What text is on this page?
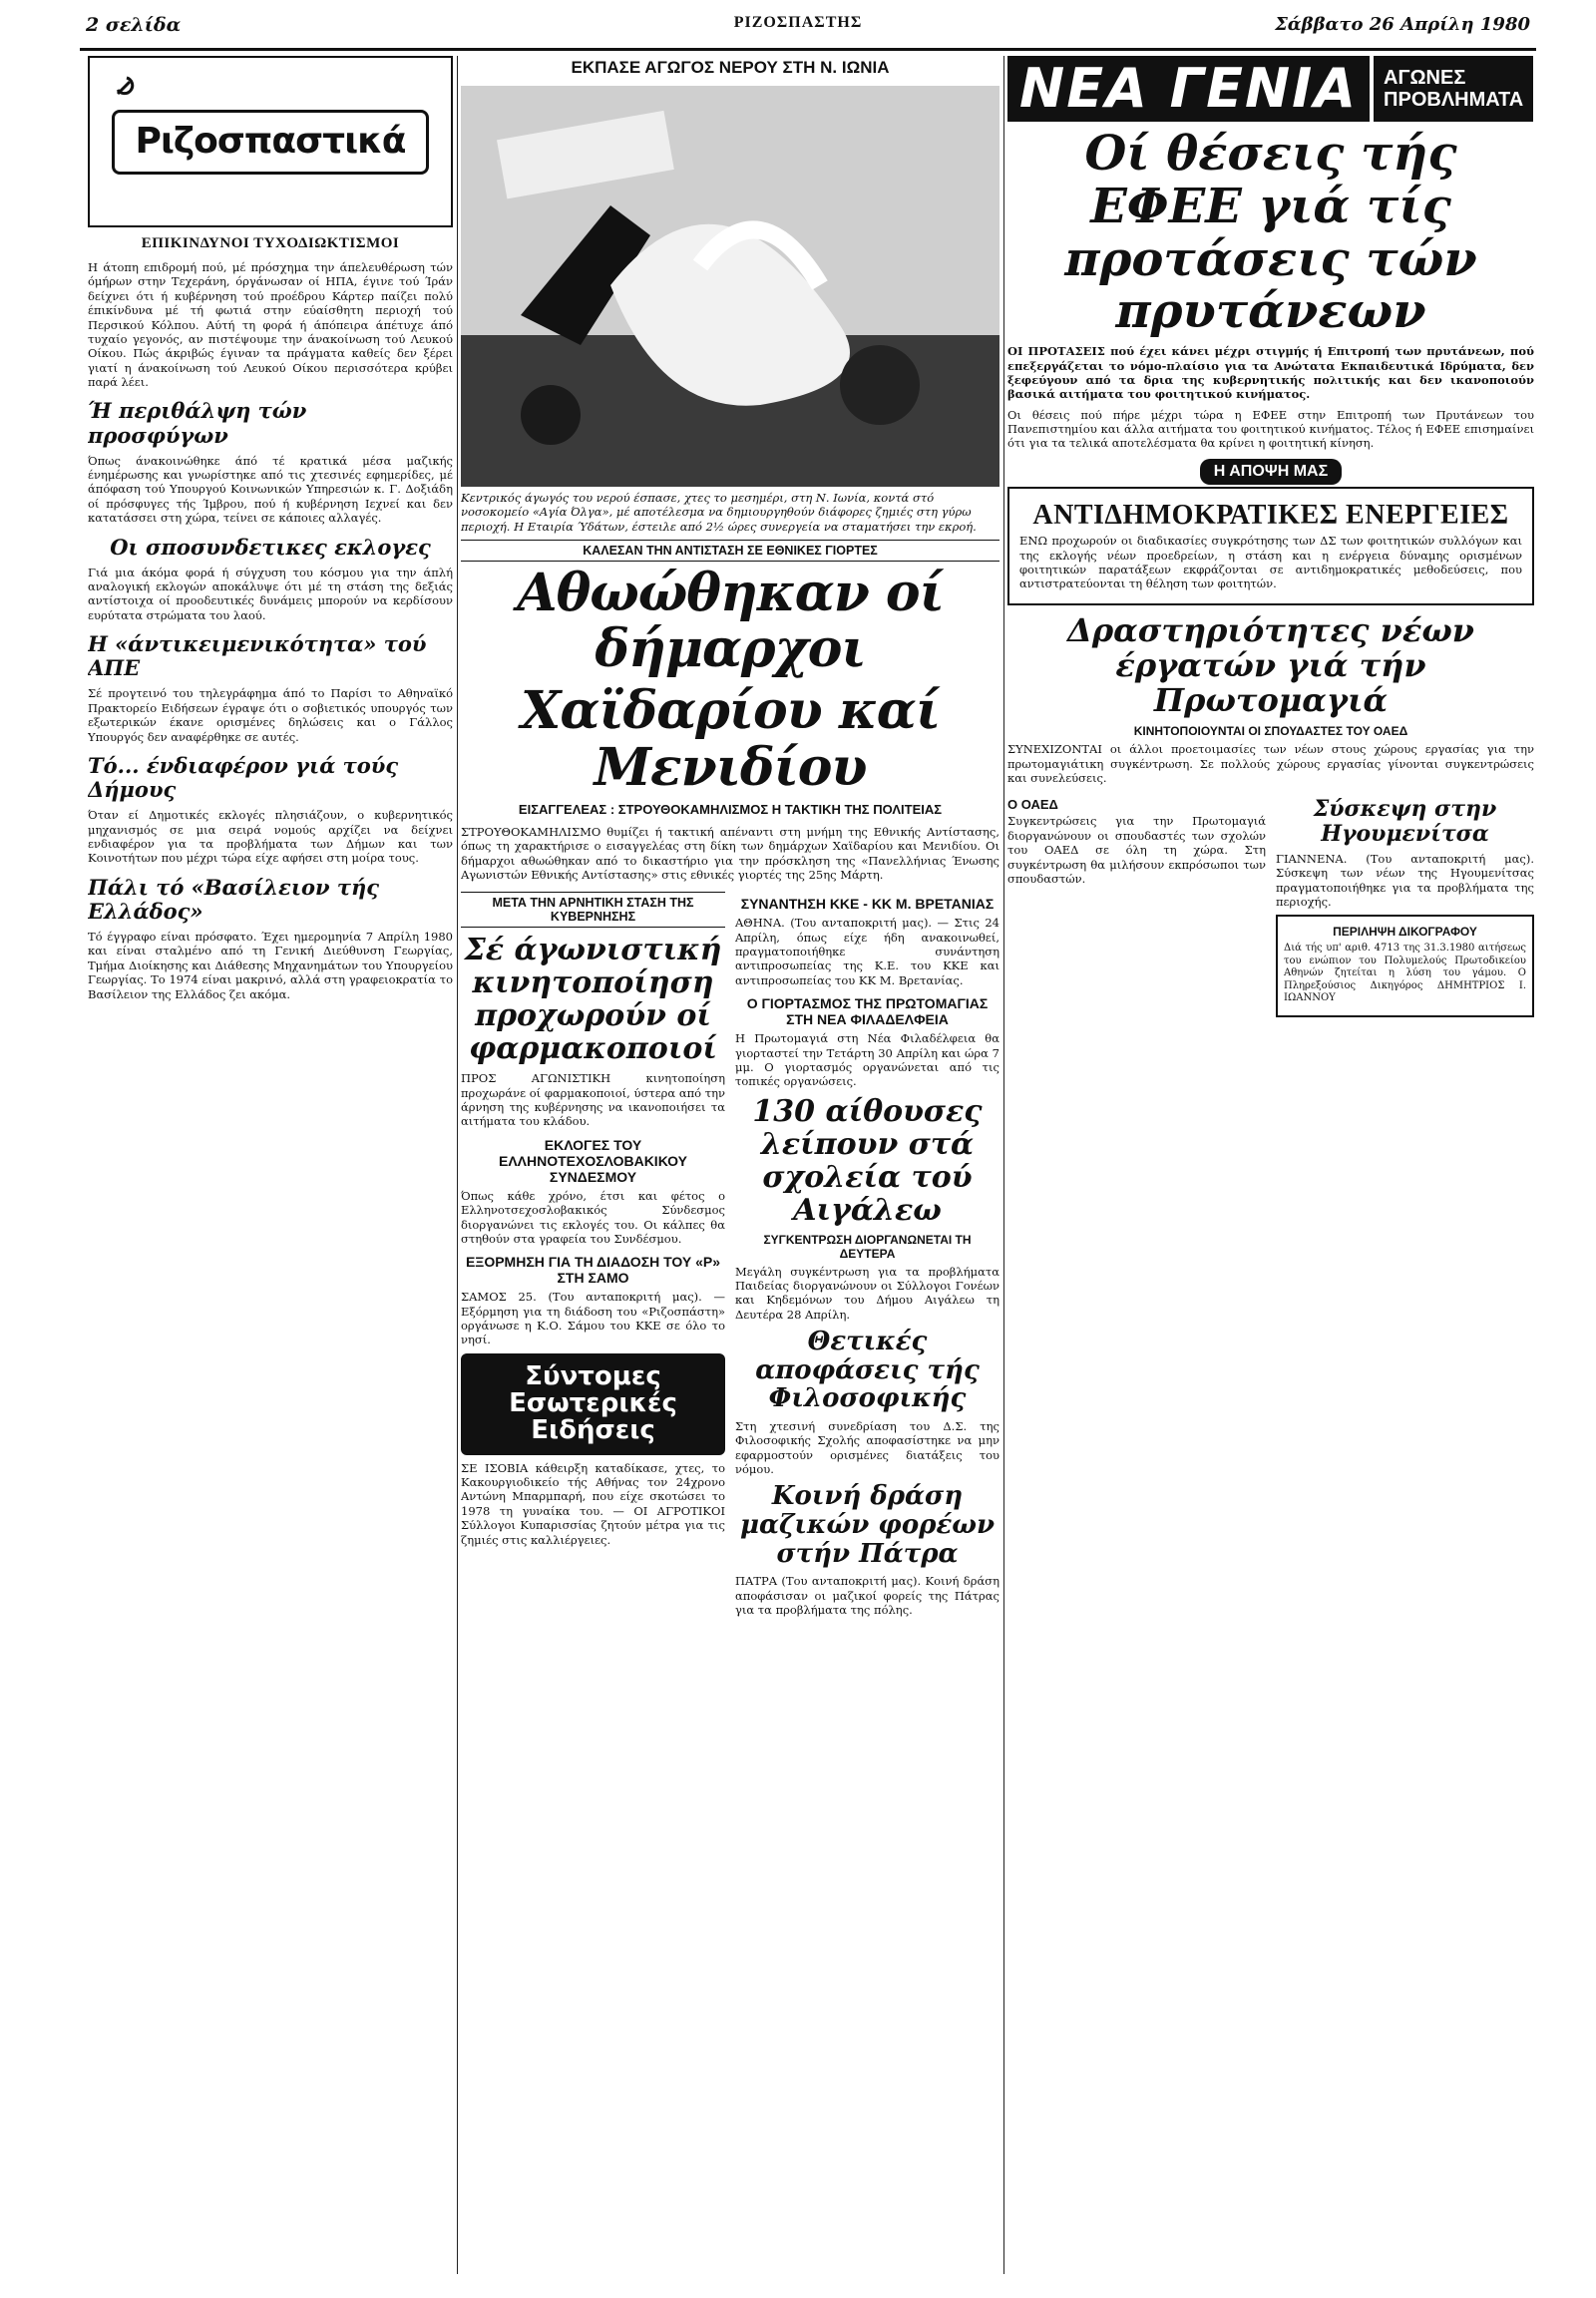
2 σελίδα	ΡΙΖΟΣΠΑΣΤΗΣ	Σάββατο 26 Απρίλη 1980
Ριζοσπαστικά
ΕΠΙΚΙΝΔΥΝΟΙ ΤΥΧΟΔΙΩΚΤΙΣΜΟΙ

Η άτοπη επιδρομή πού, μέ πρόσχημα την άπελευθέρωση τών όμήρων στην Τεχεράνη, όργάνωσαν οί ΗΠΑ, έγινε τού Ίράν δείχνει ότι ή κυβέρνηση τού προέδρου Κάρτερ παίζει πολύ έπικίνδυνα μέ τή φωτιά στην εύαίσθητη περιοχή τού Περσικού Κόλπου. Αύτή τη φορά ή άπόπειρα άπέτυχε άπό τυχαίο γεγονός, αν πιστέψουμε την άνακοίνωση τού Λευκού Οίκου. Πώς άκριβώς έγιναν τα πράγματα καθείς δεν ξέρει γιατί η άνακοίνωση τού Λευκού Οίκου περισσότερα κρύβει παρά λέει.

Ή περιθάλψη τών προσφύγων

Όπως άνακοινώθηκε άπό τέ κρατικά μέσα μαζικής ένημέρωσης και γνωρίστηκε από τις χτεσινές εφημερίδες, μέ άπόφαση τού Υπουργού Κοινωνικών Υπηρεσιών κ. Γ. Δοξιάδη οί πρόσφυγες τής Ίμβρου, πού ή κυβέρνηση Ιεχνεί και δεν κατατάσσει στη χώρα, τείνει σε κάποιες αλλαγές.

Οι σποσυνδετικες εκλογες

Γιά μια άκόμα φορά ή σύγχυση του κόσμου για την άπλή αναλογική εκλογών αποκάλυψε ότι μέ τη στάση της δεξιάς αντίστοιχα οί προοδευτικές δυνάμεις μπορούν να κερδίσουν ευρύτατα στρώματα του λαού.

Η «άντικειμενικότητα» τού ΑΠΕ

Σέ προγτεινό του τηλεγράφημα άπό το Παρίσι το Αθηναϊκό Πρακτορείο Ειδήσεων έγραψε ότι ο σοβιετικός υπουργός των εξωτερικών έκανε ορισμένες δηλώσεις και ο Γάλλος Υπουργός δεν αναφέρθηκε σε αυτές.

Τό... ένδιαφέρον γιά τούς Δήμους

Όταν εί Δημοτικές εκλογές πλησιάζουν, ο κυβερνητικός μηχανισμός σε μια σειρά νομούς αρχίζει να δείχνει ενδιαφέρον για τα προβλήματα των Δήμων και των Κοινοτήτων που μέχρι τώρα είχε αφήσει στη μοίρα τους.

Πάλι τό «Βασίλειον τής Ελλάδος»

Τό έγγραφο είναι πρόσφατο. Έχει ημερομηνία 7 Απρίλη 1980 και είναι σταλμένο από τη Γενική Διεύθυνση Γεωργίας, Τμήμα Διοίκησης και Διάθεσης Μηχανημάτων του Υπουργείου Γεωργίας. Το 1974 είναι μακρινό, αλλά στη γραφειοκρατία το Βασίλειον της Ελλάδος ζει ακόμα.

ΕΚΠΑΣΕ ΑΓΩΓΟΣ ΝΕΡΟΥ ΣΤΗ Ν. ΙΩΝΙΑ
Κεντρικός άγωγός του νερού έσπασε, χτες το μεσημέρι, στη Ν. Ιωνία, κοντά στό νοσοκομείο «Αγία Όλγα», μέ αποτέλεσμα να δημιουργηθούν διάφορες ζημιές στη γύρω περιοχή. Η Εταιρία Ύδάτων, έστειλε από 2½ ώρες συνεργεία να σταματήσει την εκροή.
ΚΑΛΕΣΑΝ ΤΗΝ ΑΝΤΙΣΤΑΣΗ ΣΕ ΕΘΝΙΚΕΣ ΓΙΟΡΤΕΣ
Αθωώθηκαν οί δήμαρχοι
Χαϊδαρίου καί Μενιδίου
ΕΙΣΑΓΓΕΛΕΑΣ : ΣΤΡΟΥΘΟΚΑΜΗΛΙΣΜΟΣ Η ΤΑΚΤΙΚΗ ΤΗΣ ΠΟΛΙΤΕΙΑΣ

ΣΤΡΟΥΘΟΚΑΜΗΛΙΣΜΟ θυμίζει ή τακτική απέναντι στη μνήμη της Εθνικής Αντίστασης, όπως τη χαρακτήρισε ο εισαγγελέας στη δίκη των δημάρχων Χαϊδαρίου και Μενιδίου. Οι δήμαρχοι αθωώθηκαν από το δικαστήριο για την πρόσκληση της «Πανελλήνιας Ένωσης Αγωνιστών Εθνικής Αντίστασης» στις εθνικές γιορτές της 25ης Μάρτη.

ΜΕΤΑ ΤΗΝ ΑΡΝΗΤΙΚΗ ΣΤΑΣΗ ΤΗΣ ΚΥΒΕΡΝΗΣΗΣ
Σέ άγωνιστική κινητοποίηση προχωρούν οί φαρμακοποιοί

ΠΡΟΣ ΑΓΩΝΙΣΤΙΚΗ κινητοποίηση προχωράνε οί φαρμακοποιοί, ύστερα από την άρνηση της κυβέρνησης να ικανοποιήσει τα αιτήματα του κλάδου.

ΕΚΛΟΓΕΣ ΤΟΥ ΕΛΛΗΝΟΤΕΧΟΣΛΟΒΑΚΙΚΟΥ ΣΥΝΔΕΣΜΟΥ

Όπως κάθε χρόνο, έτσι και φέτος ο Ελληνοτσεχοσλοβακικός Σύνδεσμος διοργανώνει τις εκλογές του. Οι κάλπες θα στηθούν στα γραφεία του Συνδέσμου.

ΕΞΟΡΜΗΣΗ ΓΙΑ ΤΗ ΔΙΑΔΟΣΗ ΤΟΥ «Ρ» ΣΤΗ ΣΑΜΟ

ΣΑΜΟΣ 25. (Του ανταποκριτή μας). — Εξόρμηση για τη διάδοση του «Ριζοσπάστη» οργάνωσε η Κ.Ο. Σάμου του ΚΚΕ σε όλο το νησί.

Σύντομες Εσωτερικές Ειδήσεις

ΣΕ ΙΣΟΒΙΑ κάθειρξη καταδίκασε, χτες, το Κακουργιοδικείο τής Αθήνας τον 24χρονο Αντώνη Μπαρμπαρή, που είχε σκοτώσει το 1978 τη γυναίκα του. — ΟΙ ΑΓΡΟΤΙΚΟΙ Σύλλογοι Κυπαρισσίας ζητούν μέτρα για τις ζημιές στις καλλιέργειες.

ΣΥΝΑΝΤΗΣΗ ΚΚΕ - ΚΚ Μ. ΒΡΕΤΑΝΙΑΣ

ΑΘΗΝΑ. (Του ανταποκριτή μας). — Στις 24 Απρίλη, όπως είχε ήδη ανακοινωθεί, πραγματοποιήθηκε συνάντηση αντιπροσωπείας της Κ.Ε. του ΚΚΕ και αντιπροσωπείας του ΚΚ Μ. Βρετανίας.

Ο ΓΙΟΡΤΑΣΜΟΣ ΤΗΣ ΠΡΩΤΟΜΑΓΙΑΣ ΣΤΗ ΝΕΑ ΦΙΛΑΔΕΛΦΕΙΑ

Η Πρωτομαγιά στη Νέα Φιλαδέλφεια θα γιορταστεί την Τετάρτη 30 Απρίλη και ώρα 7 μμ. Ο γιορτασμός οργανώνεται από τις τοπικές οργανώσεις.

130 αίθουσες λείπουν στά σχολεία τού Αιγάλεω
ΣΥΓΚΕΝΤΡΩΣΗ ΔΙΟΡΓΑΝΩΝΕΤΑΙ ΤΗ ΔΕΥΤΕΡΑ

Μεγάλη συγκέντρωση για τα προβλήματα Παιδείας διοργανώνουν οι Σύλλογοι Γονέων και Κηδεμόνων του Δήμου Αιγάλεω τη Δευτέρα 28 Απρίλη.

Θετικές αποφάσεις τής Φιλοσοφικής

Στη χτεσινή συνεδρίαση του Δ.Σ. της Φιλοσοφικής Σχολής αποφασίστηκε να μην εφαρμοστούν ορισμένες διατάξεις του νόμου.

Κοινή δράση μαζικών φορέων στήν Πάτρα

ΠΑΤΡΑ (Του ανταποκριτή μας). Κοινή δράση αποφάσισαν οι μαζικοί φορείς της Πάτρας για τα προβλήματα της πόλης.

ΝΕΑ ΓΕΝΙΑ	ΑΓΩΝΕΣ
ΠΡΟΒΛΗΜΑΤΑ
Οί θέσεις τής ΕΦΕΕ γιά τίς προτάσεις τών πρυτάνεων

ΟΙ ΠΡΟΤΑΣΕΙΣ πού έχει κάνει μέχρι στιγμής ή Επιτροπή των πρυτάνεων, πού επεξεργάζεται το νόμο-πλαίσιο για τα Ανώτατα Εκπαιδευτικά Ιδρύματα, δεν ξεφεύγουν από τα δρια της κυβερνητικής πολιτικής και δεν ικανοποιούν βασικά αιτήματα του φοιτητικού κινήματος.

Οι θέσεις πού πήρε μέχρι τώρα η ΕΦΕΕ στην Επιτροπή των Πρυτάνεων του Πανεπιστημίου και άλλα αιτήματα του φοιτητικού κινήματος. Τέλος ή ΕΦΕΕ επισημαίνει ότι για τα τελικά αποτελέσματα θα κρίνει η φοιτητική κίνηση.

Η ΑΠΟΨΗ ΜΑΣ
ΑΝΤΙΔΗΜΟΚΡΑΤΙΚΕΣ ΕΝΕΡΓΕΙΕΣ

ΕΝΩ προχωρούν οι διαδικασίες συγκρότησης των ΔΣ των φοιτητικών συλλόγων και της εκλογής νέων προεδρείων, η στάση και η ενέργεια δύναμης ορισμένων φοιτητικών παρατάξεων εκφράζονται σε αντιδημοκρατικές μεθοδεύσεις, που αντιστρατεύονται τη θέληση των φοιτητών.

Δραστηριότητες νέων έργατών γιά τήν Πρωτομαγιά
ΚΙΝΗΤΟΠΟΙΟΥΝΤΑΙ ΟΙ ΣΠΟΥΔΑΣΤΕΣ ΤΟΥ ΟΑΕΔ

ΣΥΝΕΧΙΖΟΝΤΑΙ οι άλλοι προετοιμασίες των νέων στους χώρους εργασίας για την πρωτομαγιάτικη συγκέντρωση. Σε πολλούς χώρους εργασίας γίνονται συγκεντρώσεις και συνελεύσεις.

Ο ΟΑΕΔ

Συγκεντρώσεις για την Πρωτομαγιά διοργανώνουν οι σπουδαστές των σχολών του ΟΑΕΔ σε όλη τη χώρα. Στη συγκέντρωση θα μιλήσουν εκπρόσωποι των σπουδαστών.

Σύσκεψη στην Ηγουμενίτσα

ΓΙΑΝΝΕΝΑ. (Του ανταποκριτή μας). Σύσκεψη των νέων της Ηγουμενίτσας πραγματοποιήθηκε για τα προβλήματα της περιοχής.

ΠΕΡΙΛΗΨΗ ΔΙΚΟΓΡΑΦΟΥ

Διά τής υπ' αριθ. 4713 της 31.3.1980 αιτήσεως του ενώπιον του Πολυμελούς Πρωτοδικείου Αθηνών ζητείται η λύση του γάμου. Ο Πληρεξούσιος Δικηγόρος ΔΗΜΗΤΡΙΟΣ Ι. ΙΩΑΝΝΟΥ
